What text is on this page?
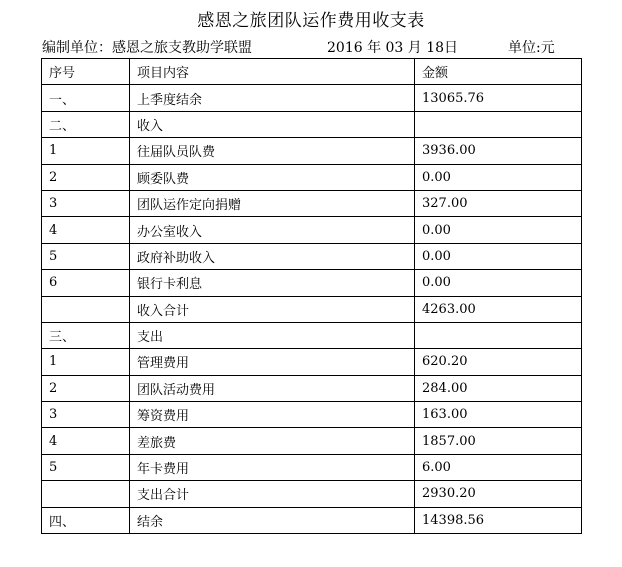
感恩之旅团队运作费用收支表
编制单位：感恩之旅支教助学联盟	2016 年 03 月 18日	单位:元
序号	项目内容	金额
一、	上季度结余	13065.76
二、	收入	
1	往届队员队费	3936.00
2	顾委队费	0.00
3	团队运作定向捐赠	327.00
4	办公室收入	0.00
5	政府补助收入	0.00
6	银行卡利息	0.00
	收入合计	4263.00
三、	支出	
1	管理费用	620.20
2	团队活动费用	284.00
3	筹资费用	163.00
4	差旅费	1857.00
5	年卡费用	6.00
	支出合计	2930.20
四、	结余	14398.56
